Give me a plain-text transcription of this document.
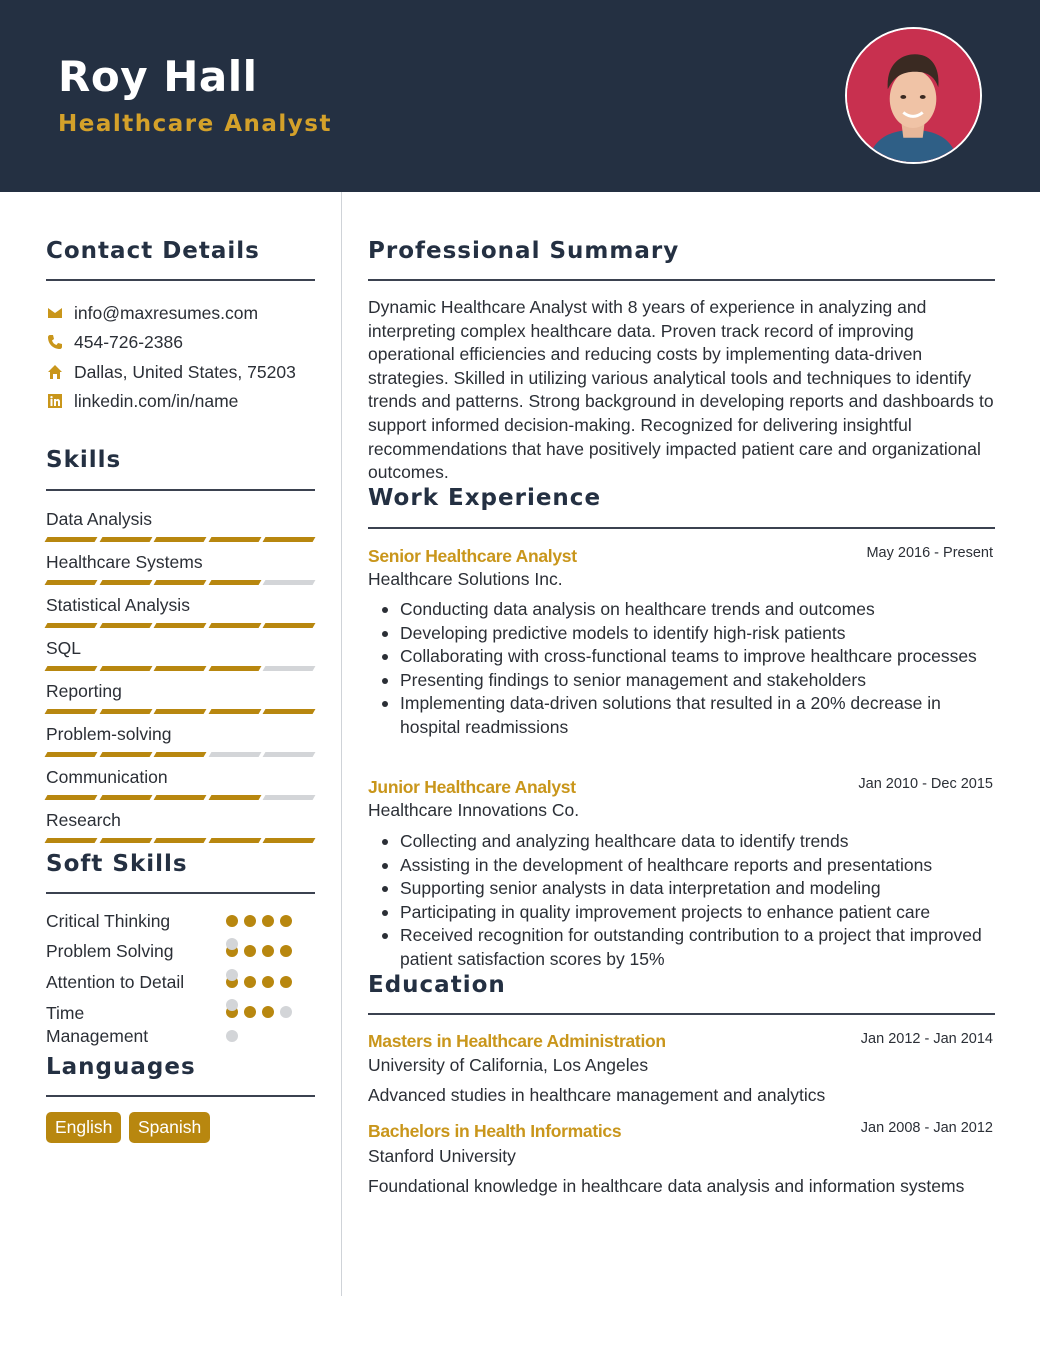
Roy Hall
Healthcare Analyst
Contact Details
info@maxresumes.com
454-726-2386
Dallas, United States, 75203
linkedin.com/in/name
Skills
Data Analysis
Healthcare Systems
Statistical Analysis
SQL
Reporting
Problem-solving
Communication
Research
Soft Skills
Critical Thinking
Problem Solving
Attention to Detail
Time
Management
Languages
English	Spanish
Professional Summary
Dynamic Healthcare Analyst with 8 years of experience in analyzing and interpreting complex healthcare data. Proven track record of improving operational efficiencies and reducing costs by implementing data-driven strategies. Skilled in utilizing various analytical tools and techniques to identify trends and patterns. Strong background in developing reports and dashboards to support informed decision-making. Recognized for delivering insightful recommendations that have positively impacted patient care and organizational outcomes.
Work Experience
Senior Healthcare Analyst	May 2016 - Present
Healthcare Solutions Inc.
Conducting data analysis on healthcare trends and outcomes
Developing predictive models to identify high-risk patients
Collaborating with cross-functional teams to improve healthcare processes
Presenting findings to senior management and stakeholders
Implementing data-driven solutions that resulted in a 20% decrease in hospital readmissions
Junior Healthcare Analyst	Jan 2010 - Dec 2015
Healthcare Innovations Co.
Collecting and analyzing healthcare data to identify trends
Assisting in the development of healthcare reports and presentations
Supporting senior analysts in data interpretation and modeling
Participating in quality improvement projects to enhance patient care
Received recognition for outstanding contribution to a project that improved patient satisfaction scores by 15%
Education
Masters in Healthcare Administration	Jan 2012 - Jan 2014
University of California, Los Angeles
Advanced studies in healthcare management and analytics
Bachelors in Health Informatics	Jan 2008 - Jan 2012
Stanford University
Foundational knowledge in healthcare data analysis and information systems
